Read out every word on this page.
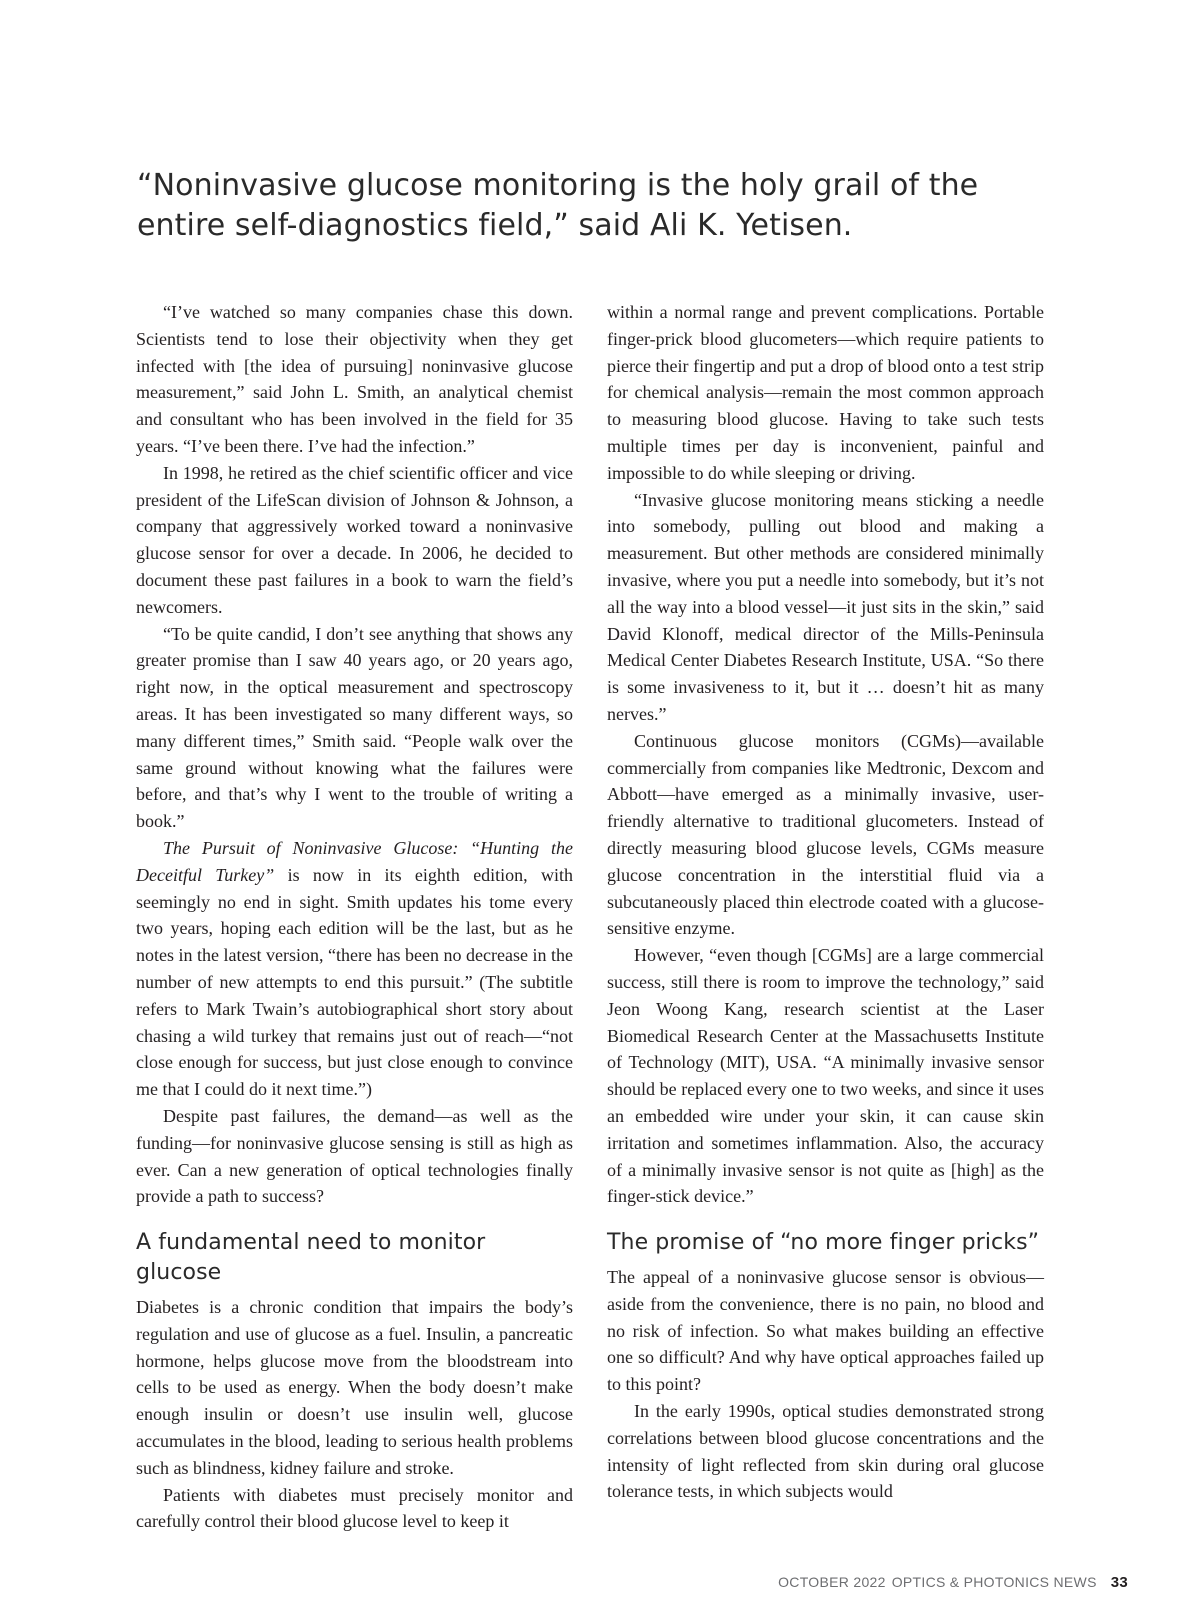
“Noninvasive glucose monitoring is the holy grail of the entire self-diagnostics field,” said Ali K. Yetisen.

“I’ve watched so many companies chase this down. Scientists tend to lose their objectivity when they get infected with [the idea of pursuing] noninvasive glucose measurement,” said John L. Smith, an analytical chemist and consultant who has been involved in the field for 35 years. “I’ve been there. I’ve had the infection.”

In 1998, he retired as the chief scientific officer and vice president of the LifeScan division of Johnson & Johnson, a company that aggressively worked toward a noninvasive glucose sensor for over a decade. In 2006, he decided to document these past failures in a book to warn the field’s newcomers.

“To be quite candid, I don’t see anything that shows any greater promise than I saw 40 years ago, or 20 years ago, right now, in the optical measurement and spectroscopy areas. It has been investigated so many different ways, so many different times,” Smith said. “People walk over the same ground without knowing what the failures were before, and that’s why I went to the trouble of writing a book.”

The Pursuit of Noninvasive Glucose: “Hunting the Deceitful Turkey” is now in its eighth edition, with seemingly no end in sight. Smith updates his tome every two years, hoping each edition will be the last, but as he notes in the latest version, “there has been no decrease in the number of new attempts to end this pursuit.” (The subtitle refers to Mark Twain’s autobiographical short story about chasing a wild turkey that remains just out of reach—“not close enough for success, but just close enough to convince me that I could do it next time.”)

Despite past failures, the demand—as well as the funding—for noninvasive glucose sensing is still as high as ever. Can a new generation of optical technologies finally provide a path to success?

A fundamental need to monitor glucose

Diabetes is a chronic condition that impairs the body’s regulation and use of glucose as a fuel. Insulin, a pancreatic hormone, helps glucose move from the bloodstream into cells to be used as energy. When the body doesn’t make enough insulin or doesn’t use insulin well, glucose accumulates in the blood, leading to serious health problems such as blindness, kidney failure and stroke.

Patients with diabetes must precisely monitor and carefully control their blood glucose level to keep it

within a normal range and prevent complications. Portable finger-prick blood glucometers—which require patients to pierce their fingertip and put a drop of blood onto a test strip for chemical analysis—remain the most common approach to measuring blood glucose. Having to take such tests multiple times per day is inconvenient, painful and impossible to do while sleeping or driving.

“Invasive glucose monitoring means sticking a needle into somebody, pulling out blood and making a measurement. But other methods are considered minimally invasive, where you put a needle into somebody, but it’s not all the way into a blood vessel—it just sits in the skin,” said David Klonoff, medical director of the Mills-Peninsula Medical Center Diabetes Research Institute, USA. “So there is some invasiveness to it, but it … doesn’t hit as many nerves.”

Continuous glucose monitors (CGMs)—available commercially from companies like Medtronic, Dexcom and Abbott—have emerged as a minimally invasive, user-friendly alternative to traditional glucometers. Instead of directly measuring blood glucose levels, CGMs measure glucose concentration in the interstitial fluid via a subcutaneously placed thin electrode coated with a glucose-sensitive enzyme.

However, “even though [CGMs] are a large commercial success, still there is room to improve the technology,” said Jeon Woong Kang, research scientist at the Laser Biomedical Research Center at the Massachusetts Institute of Technology (MIT), USA. “A minimally invasive sensor should be replaced every one to two weeks, and since it uses an embedded wire under your skin, it can cause skin irritation and sometimes inflammation. Also, the accuracy of a minimally invasive sensor is not quite as [high] as the finger-stick device.”

The promise of “no more finger pricks”

The appeal of a noninvasive glucose sensor is obvious—aside from the convenience, there is no pain, no blood and no risk of infection. So what makes building an effective one so difficult? And why have optical approaches failed up to this point?

In the early 1990s, optical studies demonstrated strong correlations between blood glucose concentrations and the intensity of light reflected from skin during oral glucose tolerance tests, in which subjects would

OCTOBER 2022 OPTICS & PHOTONICS NEWS 33
